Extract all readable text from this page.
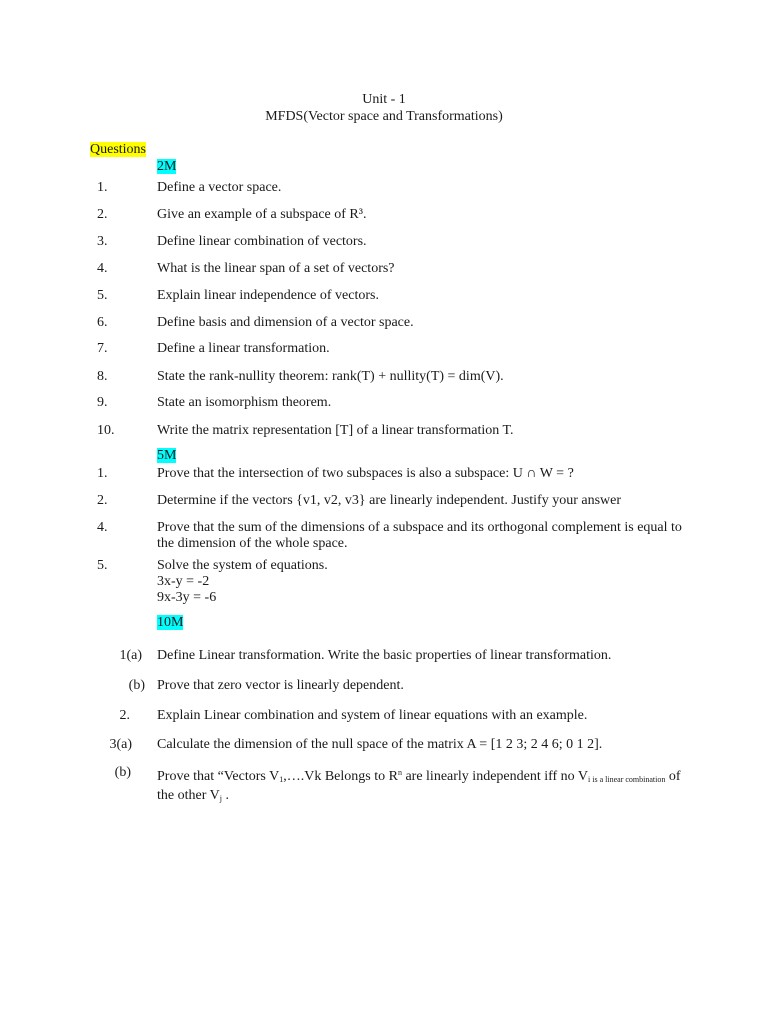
Unit - 1
MFDS(Vector space and Transformations)
Questions
2M
1.	Define a vector space.
2.	Give an example of a subspace of R³.
3.	Define linear combination of vectors.
4.	What is the linear span of a set of vectors?
5.	Explain linear independence of vectors.
6.	Define basis and dimension of a vector space.
7.	Define a linear transformation.
8.	State the rank-nullity theorem: rank(T) + nullity(T) = dim(V).
9.	State an isomorphism theorem.
10.	Write the matrix representation [T] of a linear transformation T.
5M
1.	Prove that the intersection of two subspaces is also a subspace: U ∩ W = ?
2.	Determine if the vectors {v1, v2, v3} are linearly independent. Justify your answer
4.	Prove that the sum of the dimensions of a subspace and its orthogonal complement is equal to the dimension of the whole space.
5.	Solve the system of equations.
3x-y = -2
9x-3y = -6
10M
1(a) Define Linear transformation. Write the basic properties of linear transformation.
(b) Prove that zero vector is linearly dependent.
2. Explain Linear combination and system of linear equations with an example.
3(a) Calculate the dimension of the null space of the matrix A = [1 2 3; 2 4 6; 0 1 2].
(b) Prove that “Vectors $V_1,\dots.Vk$ Belongs to $R^n$ are linearly independent iff no $V_{i is a linear combination}$ of the other $V_j$ .
